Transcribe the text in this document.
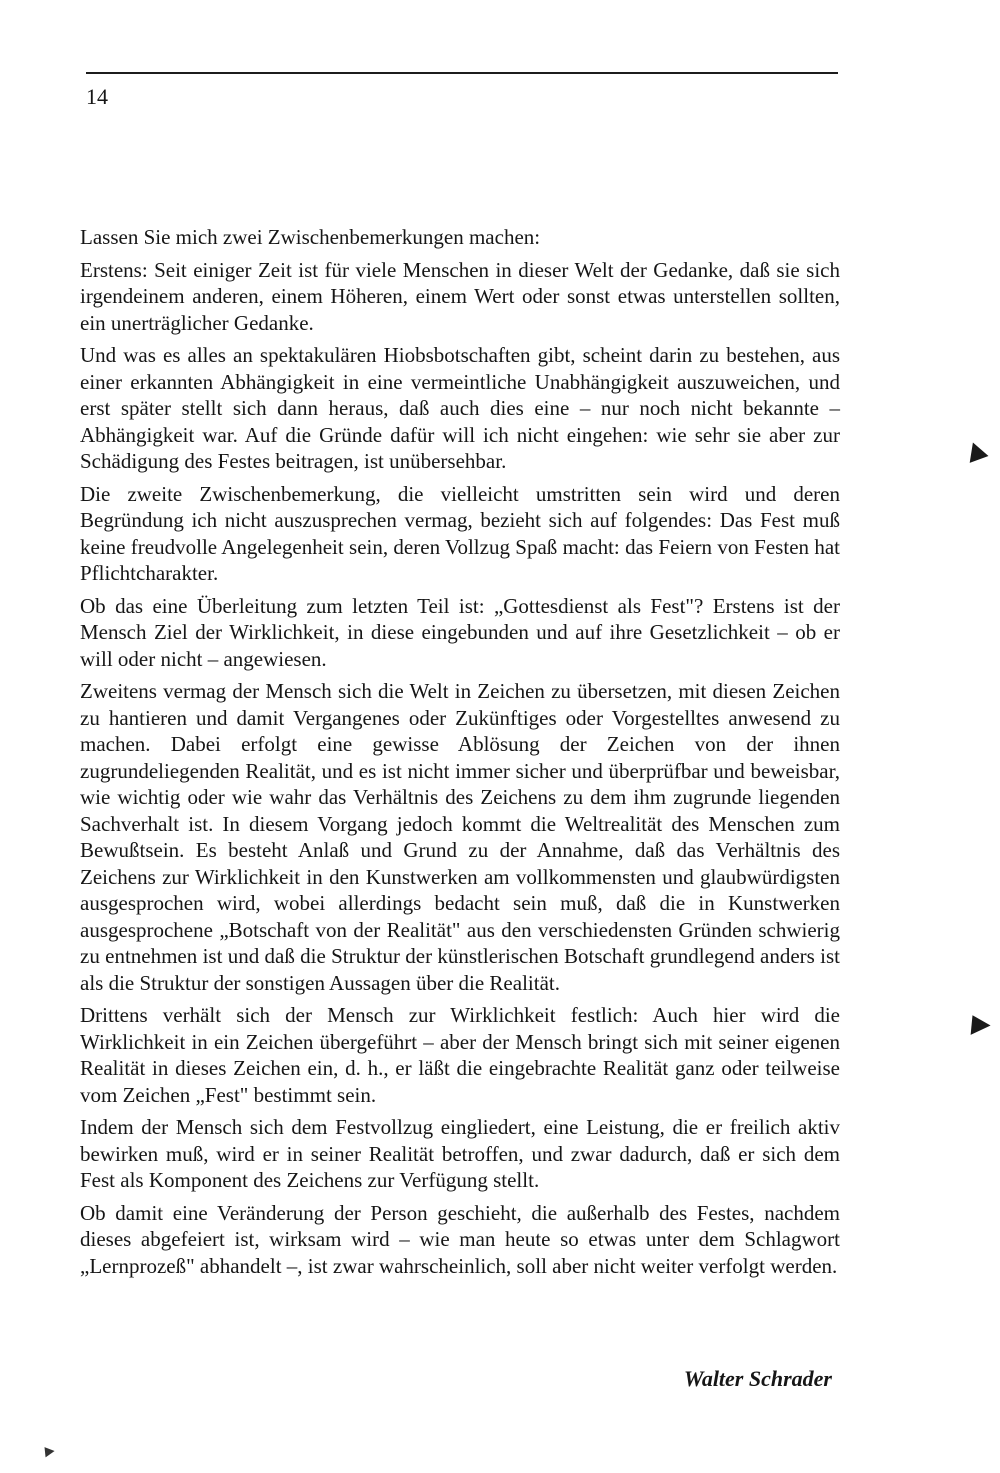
14

Lassen Sie mich zwei Zwischenbemerkungen machen:

Erstens: Seit einiger Zeit ist für viele Menschen in dieser Welt der Gedanke, daß sie sich irgendeinem anderen, einem Höheren, einem Wert oder sonst etwas unterstellen sollten, ein unerträglicher Gedanke.

Und was es alles an spektakulären Hiobsbotschaften gibt, scheint darin zu bestehen, aus einer erkannten Abhängigkeit in eine vermeintliche Unabhängigkeit auszuweichen, und erst später stellt sich dann heraus, daß auch dies eine – nur noch nicht bekannte – Abhängigkeit war. Auf die Gründe dafür will ich nicht eingehen: wie sehr sie aber zur Schädigung des Festes beitragen, ist unübersehbar.

Die zweite Zwischenbemerkung, die vielleicht umstritten sein wird und deren Begründung ich nicht auszusprechen vermag, bezieht sich auf folgendes: Das Fest muß keine freudvolle Angelegenheit sein, deren Vollzug Spaß macht: das Feiern von Festen hat Pflichtcharakter.

Ob das eine Überleitung zum letzten Teil ist: „Gottesdienst als Fest"? Erstens ist der Mensch Ziel der Wirklichkeit, in diese eingebunden und auf ihre Gesetzlichkeit – ob er will oder nicht – angewiesen.

Zweitens vermag der Mensch sich die Welt in Zeichen zu übersetzen, mit diesen Zeichen zu hantieren und damit Vergangenes oder Zukünftiges oder Vorgestelltes anwesend zu machen. Dabei erfolgt eine gewisse Ablösung der Zeichen von der ihnen zugrundeliegenden Realität, und es ist nicht immer sicher und überprüfbar und beweisbar, wie wichtig oder wie wahr das Verhältnis des Zeichens zu dem ihm zugrunde liegenden Sachverhalt ist. In diesem Vorgang jedoch kommt die Weltrealität des Menschen zum Bewußtsein. Es besteht Anlaß und Grund zu der Annahme, daß das Verhältnis des Zeichens zur Wirklichkeit in den Kunstwerken am vollkommensten und glaubwürdigsten ausgesprochen wird, wobei allerdings bedacht sein muß, daß die in Kunstwerken ausgesprochene „Botschaft von der Realität" aus den verschiedensten Gründen schwierig zu entnehmen ist und daß die Struktur der künstlerischen Botschaft grundlegend anders ist als die Struktur der sonstigen Aussagen über die Realität.

Drittens verhält sich der Mensch zur Wirklichkeit festlich: Auch hier wird die Wirklichkeit in ein Zeichen übergeführt – aber der Mensch bringt sich mit seiner eigenen Realität in dieses Zeichen ein, d. h., er läßt die eingebrachte Realität ganz oder teilweise vom Zeichen „Fest" bestimmt sein.

Indem der Mensch sich dem Festvollzug eingliedert, eine Leistung, die er freilich aktiv bewirken muß, wird er in seiner Realität betroffen, und zwar dadurch, daß er sich dem Fest als Komponent des Zeichens zur Verfügung stellt.

Ob damit eine Veränderung der Person geschieht, die außerhalb des Festes, nachdem dieses abgefeiert ist, wirksam wird – wie man heute so etwas unter dem Schlagwort „Lernprozeß" abhandelt –, ist zwar wahrscheinlich, soll aber nicht weiter verfolgt werden.

Walter Schrader
